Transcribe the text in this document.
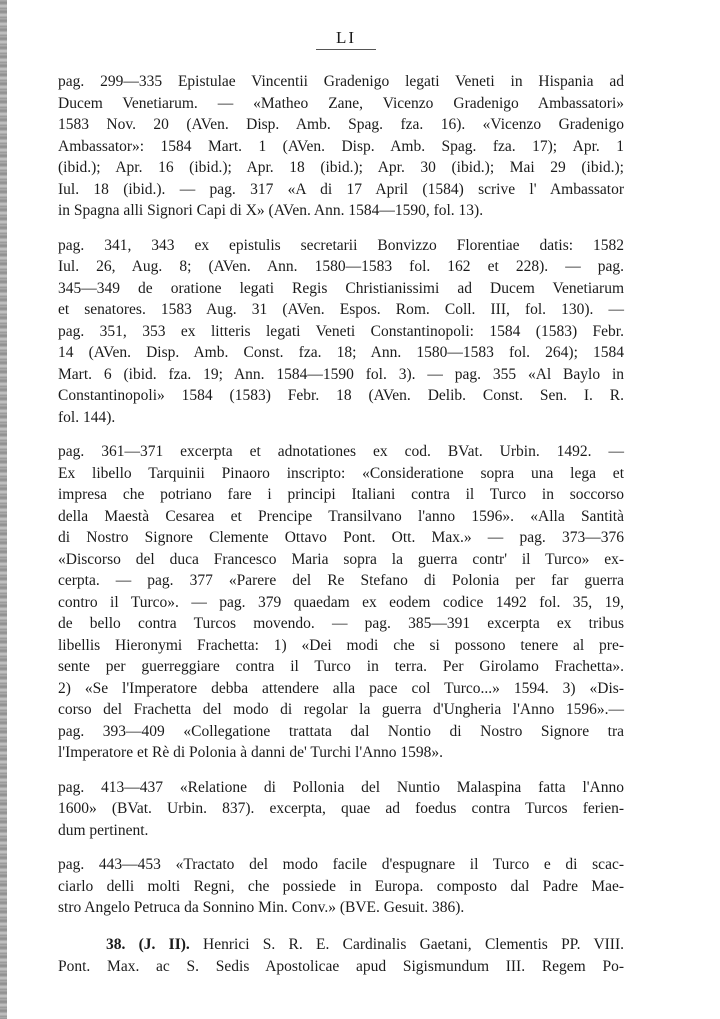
LI
pag. 299—335 Epistulae Vincentii Gradenigo legati Veneti in Hispania ad
Ducem Venetiarum. — «Matheo Zane, Vicenzo Gradenigo Ambassatori»
1583 Nov. 20 (AVen. Disp. Amb. Spag. fza. 16). «Vicenzo Gradenigo
Ambassator»: 1584 Mart. 1 (AVen. Disp. Amb. Spag. fza. 17); Apr. 1
(ibid.); Apr. 16 (ibid.); Apr. 18 (ibid.); Apr. 30 (ibid.); Mai 29 (ibid.);
Iul. 18 (ibid.). — pag. 317 «A di 17 April (1584) scrive l' Ambassator
in Spagna alli Signori Capi di X» (AVen. Ann. 1584—1590, fol. 13).
pag. 341, 343 ex epistulis secretarii Bonvizzo Florentiae datis: 1582
Iul. 26, Aug. 8; (AVen. Ann. 1580—1583 fol. 162 et 228). — pag.
345—349 de oratione legati Regis Christianissimi ad Ducem Venetiarum
et senatores. 1583 Aug. 31 (AVen. Espos. Rom. Coll. III, fol. 130). —
pag. 351, 353 ex litteris legati Veneti Constantinopoli: 1584 (1583) Febr.
14 (AVen. Disp. Amb. Const. fza. 18; Ann. 1580—1583 fol. 264); 1584
Mart. 6 (ibid. fza. 19; Ann. 1584—1590 fol. 3). — pag. 355 «Al Baylo in
Constantinopoli» 1584 (1583) Febr. 18 (AVen. Delib. Const. Sen. I. R.
fol. 144).
pag. 361—371 excerpta et adnotationes ex cod. BVat. Urbin. 1492. —
Ex libello Tarquinii Pinaoro inscripto: «Consideratione sopra una lega et
impresa che potriano fare i principi Italiani contra il Turco in soccorso
della Maestà Cesarea et Prencipe Transilvano l'anno 1596». «Alla Santità
di Nostro Signore Clemente Ottavo Pont. Ott. Max.» — pag. 373—376
«Discorso del duca Francesco Maria sopra la guerra contr' il Turco» ex-
cerpta. — pag. 377 «Parere del Re Stefano di Polonia per far guerra
contro il Turco». — pag. 379 quaedam ex eodem codice 1492 fol. 35, 19,
de bello contra Turcos movendo. — pag. 385—391 excerpta ex tribus
libellis Hieronymi Frachetta: 1) «Dei modi che si possono tenere al pre-
sente per guerreggiare contra il Turco in terra. Per Girolamo Frachetta».
2) «Se l'Imperatore debba attendere alla pace col Turco...» 1594. 3) «Dis-
corso del Frachetta del modo di regolar la guerra d'Ungheria l'Anno 1596».—
pag. 393—409 «Collegatione trattata dal Nontio di Nostro Signore tra
l'Imperatore et Rè di Polonia à danni de' Turchi l'Anno 1598».
pag. 413—437 «Relatione di Pollonia del Nuntio Malaspina fatta l'Anno
1600» (BVat. Urbin. 837). excerpta, quae ad foedus contra Turcos ferien-
dum pertinent.
pag. 443—453 «Tractato del modo facile d'espugnare il Turco e di scac-
ciarlo delli molti Regni, che possiede in Europa. composto dal Padre Mae-
stro Angelo Petruca da Sonnino Min. Conv.» (BVE. Gesuit. 386).
38. (J. II). Henrici S. R. E. Cardinalis Gaetani, Clementis PP. VIII.
Pont. Max. ac S. Sedis Apostolicae apud Sigismundum III. Regem Po-
